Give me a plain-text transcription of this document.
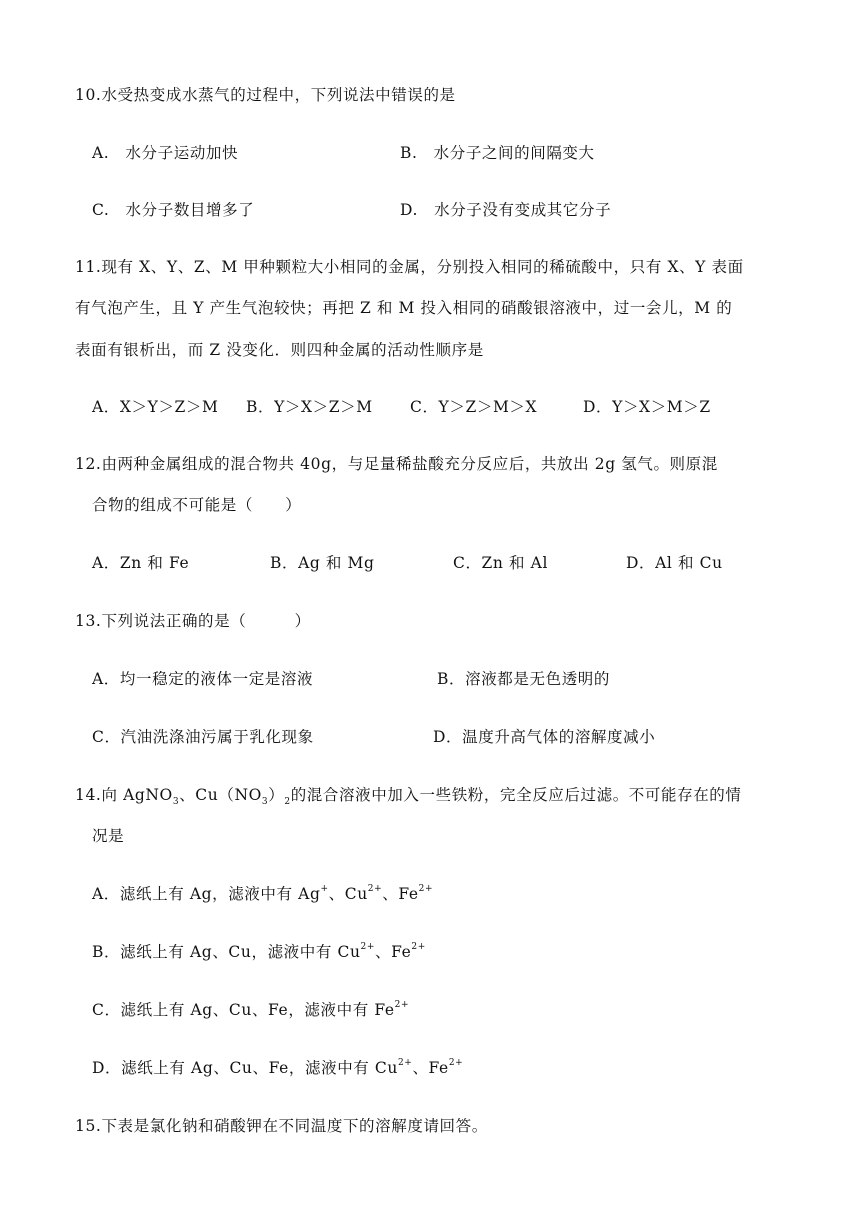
10.水受热变成水蒸气的过程中，下列说法中错误的是
A.　水分子运动加快	B.　水分子之间的间隔变大
C.　水分子数目增多了	D.　水分子没有变成其它分子
11.现有 X、Y、Z、M 甲种颗粒大小相同的金属，分别投入相同的稀硫酸中，只有 X、Y 表面
有气泡产生，且 Y 产生气泡较快；再把 Z 和 M 投入相同的硝酸银溶液中，过一会儿，M 的
表面有银析出，而 Z 没变化．则四种金属的活动性顺序是
A．X＞Y＞Z＞M B．Y＞X＞Z＞M C．Y＞Z＞M＞X	D．Y＞X＞M＞Z
12.由两种金属组成的混合物共 40g，与足量稀盐酸充分反应后，共放出 2g 氢气。则原混
合物的组成不可能是（　　）
A．Zn 和 Fe	B．Ag 和 Mg	C．Zn 和 Al	D．Al 和 Cu
13.下列说法正确的是（　　　）
A．均一稳定的液体一定是溶液	B．溶液都是无色透明的
C．汽油洗涤油污属于乳化现象	D．温度升高气体的溶解度减小
14.向 AgNO$_3$、$Cu(NO_3)_2$的混合溶液中加入一些铁粉，完全反应后过滤。不可能存在的情
况是
A．滤纸上有 Ag，滤液中有 Ag+、$Cu^{2+}$、$Fe^{2+}$
B．滤纸上有 Ag、Cu，滤液中有 $Cu^{2+}$、$Fe^{2+}$
C．滤纸上有 Ag、Cu、Fe，滤液中有 $Fe^{2+}$
D．滤纸上有 Ag、Cu、Fe，滤液中有 $Cu^{2+}$、$Fe^{2+}$
15.下表是氯化钠和硝酸钾在不同温度下的溶解度请回答。
